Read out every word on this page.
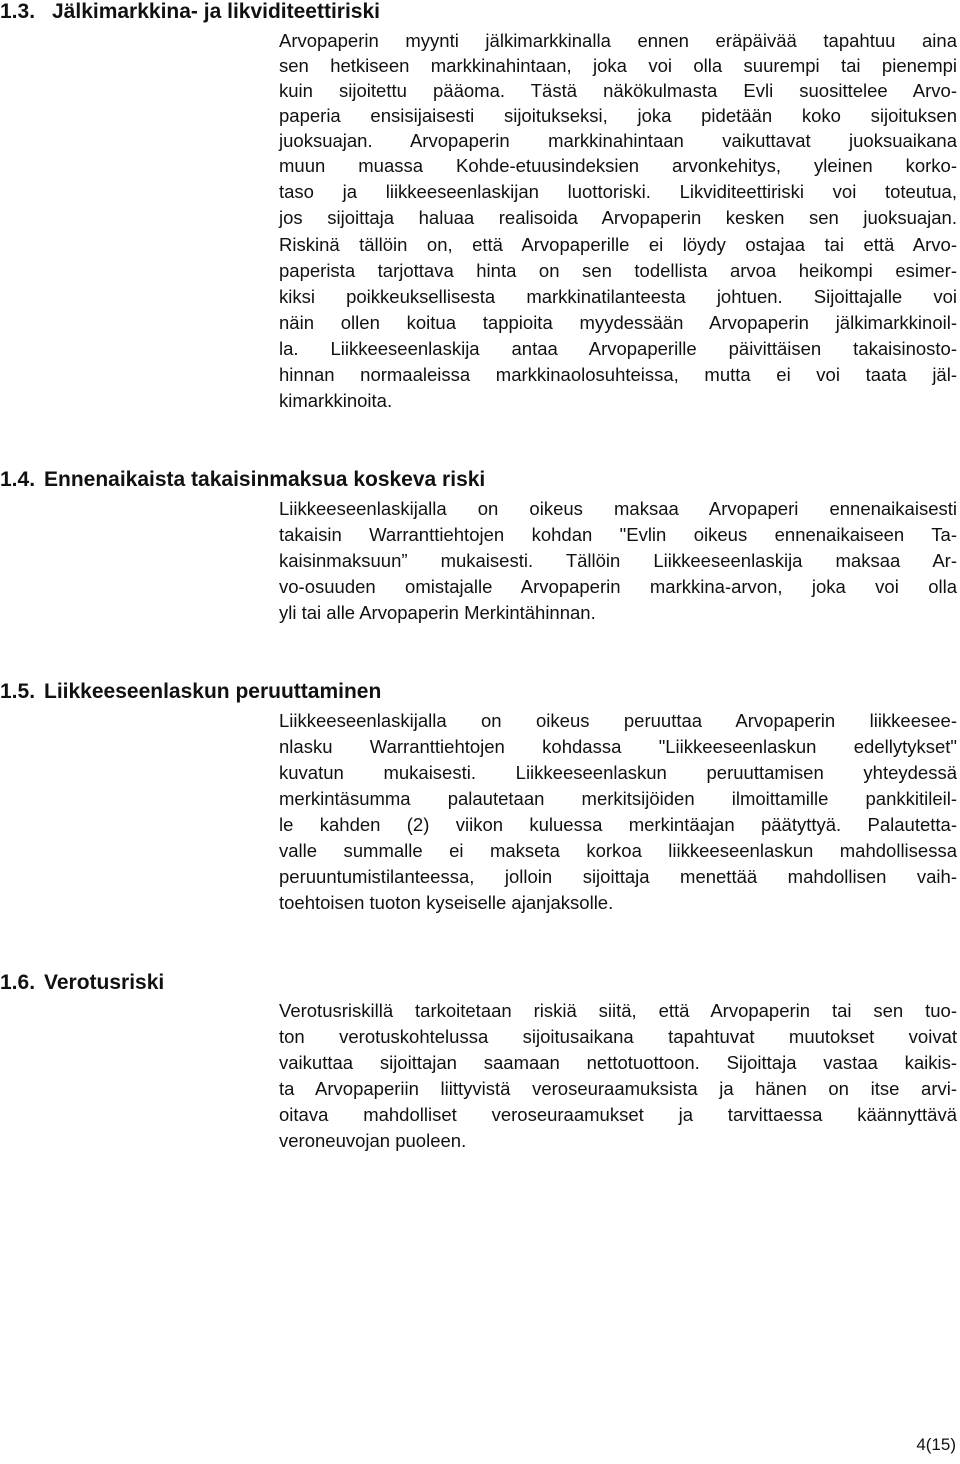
1.3. Jälkimarkkina- ja likviditeettiriski
Arvopaperin myynti jälkimarkkinalla ennen eräpäivää tapahtuu aina
sen hetkiseen markkinahintaan, joka voi olla suurempi tai pienempi
kuin sijoitettu pääoma. Tästä näkökulmasta Evli suosittelee Arvo-
paperia ensisijaisesti sijoitukseksi, joka pidetään koko sijoituksen
juoksuajan. Arvopaperin markkinahintaan vaikuttavat juoksuaikana
muun muassa Kohde-etuusindeksien arvonkehitys, yleinen korko-
taso ja liikkeeseenlaskijan luottoriski. Likviditeettiriski voi toteutua,
jos sijoittaja haluaa realisoida Arvopaperin kesken sen juoksuajan.
Riskinä tällöin on, että Arvopaperille ei löydy ostajaa tai että Arvo-
paperista tarjottava hinta on sen todellista arvoa heikompi esimer-
kiksi poikkeuksellisesta markkinatilanteesta johtuen. Sijoittajalle voi
näin ollen koitua tappioita myydessään Arvopaperin jälkimarkkinoil-
la. Liikkeeseenlaskija antaa Arvopaperille päivittäisen takaisinosto-
hinnan normaaleissa markkinaolosuhteissa, mutta ei voi taata jäl-
kimarkkinoita.
1.4. Ennenaikaista takaisinmaksua koskeva riski
Liikkeeseenlaskijalla on oikeus maksaa Arvopaperi ennenaikaisesti
takaisin Warranttiehtojen kohdan "Evlin oikeus ennenaikaiseen Ta-
kaisinmaksuun” mukaisesti. Tällöin Liikkeeseenlaskija maksaa Ar-
vo-osuuden omistajalle Arvopaperin markkina-arvon, joka voi olla
yli tai alle Arvopaperin Merkintähinnan.
1.5. Liikkeeseenlaskun peruuttaminen
Liikkeeseenlaskijalla on oikeus peruuttaa Arvopaperin liikkeesee-
nlasku Warranttiehtojen kohdassa "Liikkeeseenlaskun edellytykset"
kuvatun mukaisesti. Liikkeeseenlaskun peruuttamisen yhteydessä
merkintäsumma palautetaan merkitsijöiden ilmoittamille pankkitileil-
le kahden (2) viikon kuluessa merkintäajan päätyttyä. Palautetta-
valle summalle ei makseta korkoa liikkeeseenlaskun mahdollisessa
peruuntumistilanteessa, jolloin sijoittaja menettää mahdollisen vaih-
toehtoisen tuoton kyseiselle ajanjaksolle.
1.6. Verotusriski
Verotusriskillä tarkoitetaan riskiä siitä, että Arvopaperin tai sen tuo-
ton verotuskohtelussa sijoitusaikana tapahtuvat muutokset voivat
vaikuttaa sijoittajan saamaan nettotuottoon. Sijoittaja vastaa kaikis-
ta Arvopaperiin liittyvistä veroseuraamuksista ja hänen on itse arvi-
oitava mahdolliset veroseuraamukset ja tarvittaessa käännyttävä
veroneuvojan puoleen.
4(15)
